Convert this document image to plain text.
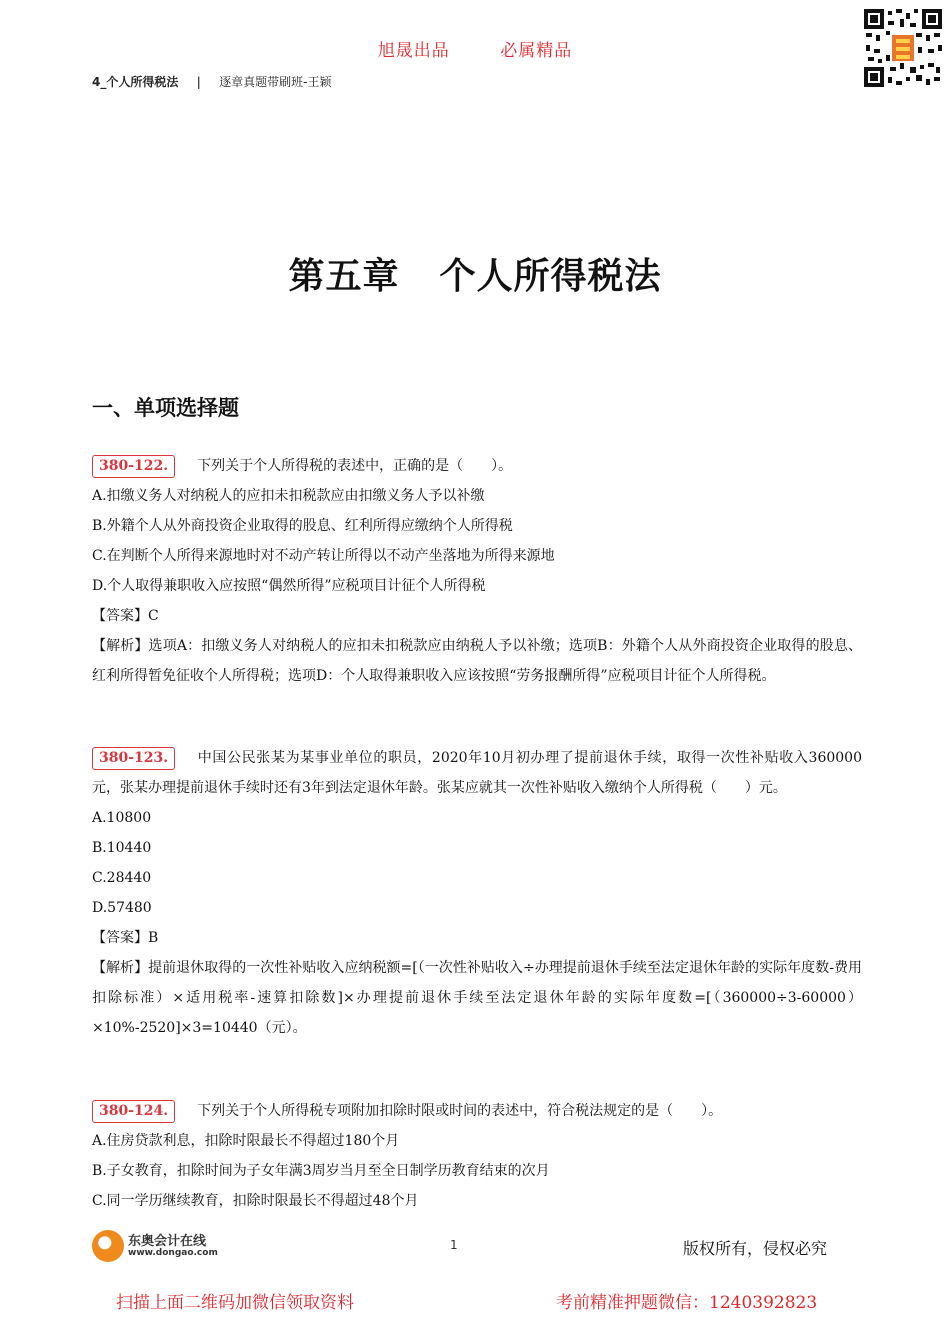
旭晟出品	必属精品
4_个人所得税法 | 逐章真题带刷班-王颖
第五章 个人所得税法
一、单项选择题
380-122. 下列关于个人所得税的表述中，正确的是（　　）。
A.扣缴义务人对纳税人的应扣未扣税款应由扣缴义务人予以补缴
B.外籍个人从外商投资企业取得的股息、红利所得应缴纳个人所得税
C.在判断个人所得来源地时对不动产转让所得以不动产坐落地为所得来源地
D.个人取得兼职收入应按照“偶然所得”应税项目计征个人所得税
【答案】C
【解析】选项A：扣缴义务人对纳税人的应扣未扣税款应由纳税人予以补缴；选项B：外籍个人从外商投资企业取得的股息、红利所得暂免征收个人所得税；选项D：个人取得兼职收入应该按照“劳务报酬所得”应税项目计征个人所得税。
380-123. 中国公民张某为某事业单位的职员，2020年10月初办理了提前退休手续，取得一次性补贴收入360000元，张某办理提前退休手续时还有3年到法定退休年龄。张某应就其一次性补贴收入缴纳个人所得税（　　）元。
A.10800
B.10440
C.28440
D.57480
【答案】B
【解析】提前退休取得的一次性补贴收入应纳税额=[（一次性补贴收入÷办理提前退休手续至法定退休年龄的实际年度数-费用扣除标准）×适用税率-速算扣除数]×办理提前退休手续至法定退休年龄的实际年度数=[（360000÷3-60000）×10%-2520]×3=10440（元）。
380-124. 下列关于个人所得税专项附加扣除时限或时间的表述中，符合税法规定的是（　　）。
A.住房贷款利息，扣除时限最长不得超过180个月
B.子女教育，扣除时间为子女年满3周岁当月至全日制学历教育结束的次月
C.同一学历继续教育，扣除时限最长不得超过48个月
东奥会计在线
www.dongao.com
1	版权所有，侵权必究
扫描上面二维码加微信领取资料	考前精准押题微信：1240392823
